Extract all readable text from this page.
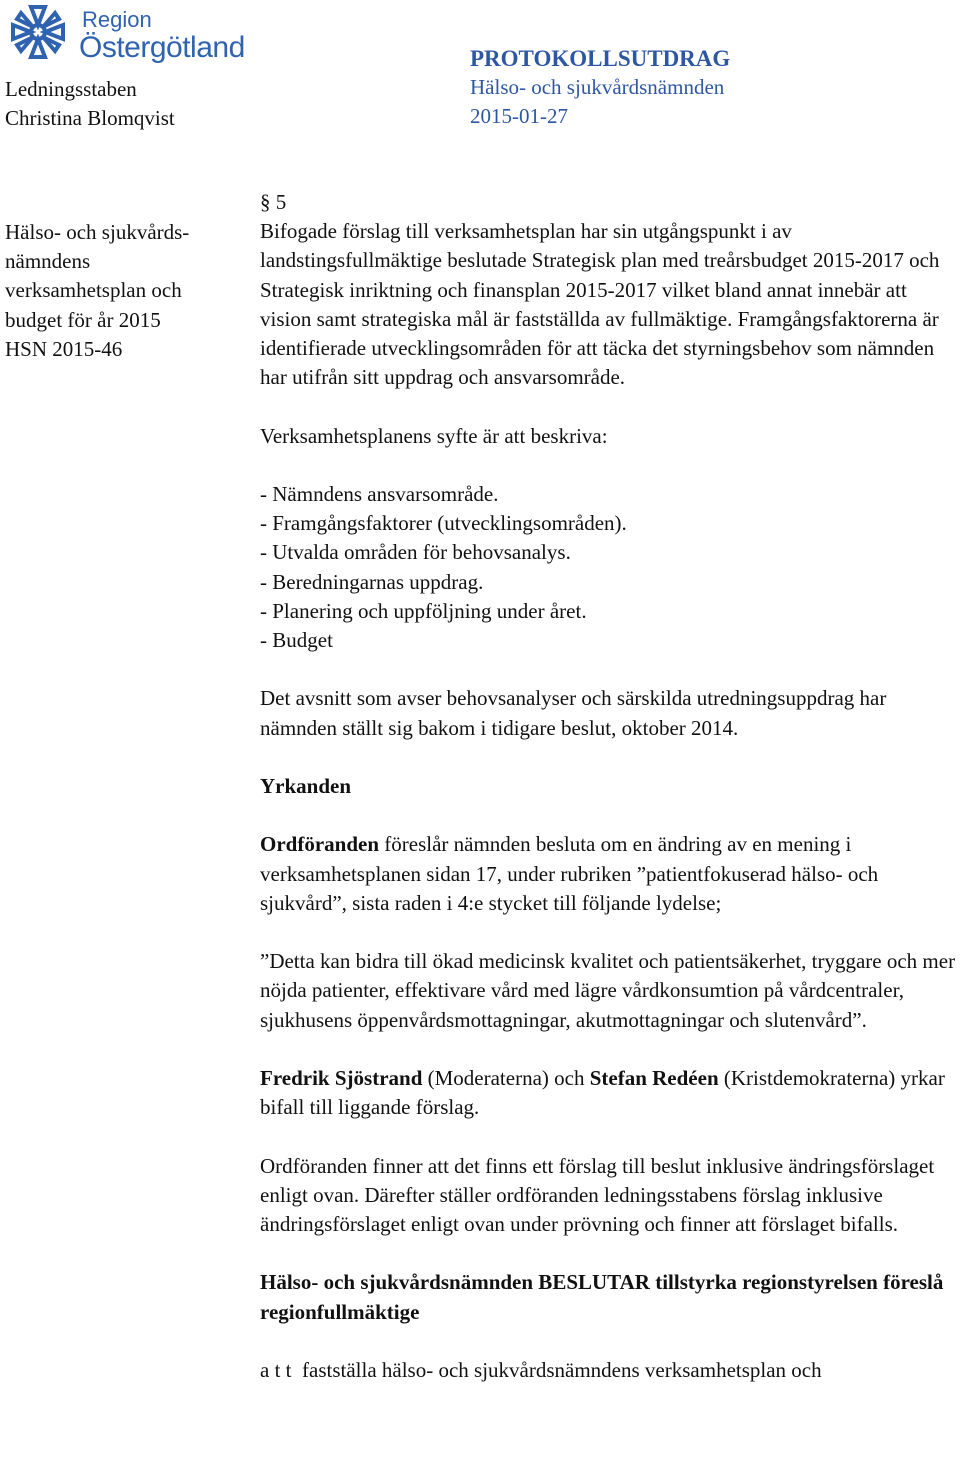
Region
Östergötland
Ledningsstaben
Christina Blomqvist
PROTOKOLLSUTDRAG
Hälso- och sjukvårdsnämnden
2015-01-27
Hälso- och sjukvårds-
nämndens
verksamhetsplan och
budget för år 2015
HSN 2015-46

§ 5

Bifogade förslag till verksamhetsplan har sin utgångspunkt i av landstingsfullmäktige beslutade Strategisk plan med treårsbudget 2015-2017 och Strategisk inriktning och finansplan 2015-2017 vilket bland annat innebär att vision samt strategiska mål är fastställda av fullmäktige. Framgångsfaktorerna är identifierade utvecklingsområden för att täcka det styrningsbehov som nämnden har utifrån sitt uppdrag och ansvarsområde.

Verksamhetsplanens syfte är att beskriva:

- Nämndens ansvarsområde.

- Framgångsfaktorer (utvecklingsområden).

- Utvalda områden för behovsanalys.

- Beredningarnas uppdrag.

- Planering och uppföljning under året.

- Budget

Det avsnitt som avser behovsanalyser och särskilda utredningsuppdrag har nämnden ställt sig bakom i tidigare beslut, oktober 2014.

Yrkanden

Ordföranden föreslår nämnden besluta om en ändring av en mening i verksamhetsplanen sidan 17, under rubriken ”patientfokuserad hälso- och sjukvård”, sista raden i 4:e stycket till följande lydelse;

”Detta kan bidra till ökad medicinsk kvalitet och patientsäkerhet, tryggare och mer nöjda patienter, effektivare vård med lägre vårdkonsumtion på vårdcentraler, sjukhusens öppenvårdsmottagningar, akutmottagningar och slutenvård”.

Fredrik Sjöstrand (Moderaterna) och Stefan Redéen (Kristdemokraterna) yrkar bifall till liggande förslag.

Ordföranden finner att det finns ett förslag till beslut inklusive ändringsförslaget enligt ovan. Därefter ställer ordföranden ledningsstabens förslag inklusive ändringsförslaget enligt ovan under prövning och finner att förslaget bifalls.

Hälso- och sjukvårdsnämnden BESLUTAR tillstyrka regionstyrelsen föreslå regionfullmäktige

a t t fastställa hälso- och sjukvårdsnämndens verksamhetsplan och
